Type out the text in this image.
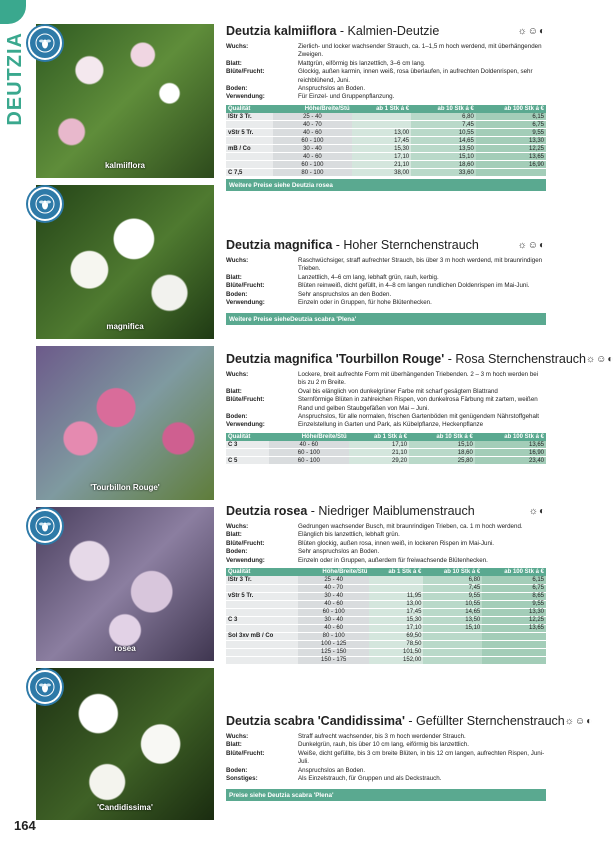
DEUTZIA
164
kalmiiflora
magnifica
'Tourbillon Rouge'
rosea
'Candidissima'
Deutzia kalmiiflora - Kalmien-Deutzie	☼☺◐
Wuchs:	Zierlich- und locker wachsender Strauch, ca. 1–1,5 m hoch werdend, mit überhängenden Zweigen.
Blatt:	Mattgrün, eiförmig bis lanzettlich, 3–6 cm lang.
Blüte/Frucht:	Glockig, außen karmin, innen weiß, rosa überlaufen, in aufrechten Doldenrispen, sehr reichblühend, Juni.
Boden:	Anspruchslos an Boden.
Verwendung:	Für Einzel- und Gruppenpflanzung.
Qualität	Höhe/Breite/Stü	ab 1 Stk á €	ab 10 Stk á €	ab 100 Stk á €
lStr 3 Tr.	25 - 40		6,80	6,15
	40 - 70		7,45	6,75
vStr 5 Tr.	40 - 60	13,00	10,55	9,55
	60 - 100	17,45	14,65	13,30
mB / Co	30 - 40	15,30	13,50	12,25
	40 - 60	17,10	15,10	13,65
	60 - 100	21,10	18,60	16,90
C 7,5	80 - 100	38,00	33,60	
Weitere Preise siehe Deutzia rosea
Deutzia magnifica - Hoher Sternchenstrauch	☼☺◐
Wuchs:	Raschwüchsiger, straff aufrechter Strauch, bis über 3 m hoch werdend, mit braunrindigen Trieben.
Blatt:	Lanzettlich, 4–6 cm lang, lebhaft grün, rauh, kerbig.
Blüte/Frucht:	Blüten reinweiß, dicht gefüllt, in 4–8 cm langen rundlichen Doldenrispen im Mai-Juni.
Boden:	Sehr anspruchslos an den Boden.
Verwendung:	Einzeln oder in Gruppen, für hohe Blütenhecken.
Weitere Preise sieheDeutzia scabra 'Plena'
Deutzia magnifica 'Tourbillon Rouge' - Rosa Sternchenstrauch ☼☺◐
Wuchs:	Lockere, breit aufrechte Form mit überhängenden Triebenden. 2 – 3 m hoch werden bei bis zu 2 m Breite.
Blatt:	Oval bis elänglich von dunkelgrüner Farbe mit scharf gesägtem Blattrand
Blüte/Frucht:	Sternförmige Blüten in zahlreichen Rispen, von dunkelrosa Färbung mit zartem, weißen Rand und gelben Staubgefäßen von Mai – Juni.
Boden:	Anspruchslos, für alle normalen, frischen Gartenböden mit genügendem Nährstoffgehalt
Verwendung:	Einzelstellung in Garten und Park, als Kübelpflanze, Heckenpflanze
Qualität	Höhe/Breite/Stü	ab 1 Stk á €	ab 10 Stk á €	ab 100 Stk á €
C 3	40 - 60	17,10	15,10	13,65
	60 - 100	21,10	18,60	16,90
C 5	60 - 100	29,20	25,80	23,40
Deutzia rosea - Niedriger Maiblumenstrauch	☼◐
Wuchs:	Gedrungen wachsender Busch, mit braunrindigen Trieben, ca. 1 m hoch werdend.
Blatt:	Elänglich bis lanzettlich, lebhaft grün.
Blüte/Frucht:	Blüten glockig, außen rosa, innen weiß, in lockeren Rispen im Mai-Juni.
Boden:	Sehr anspruchslos an Boden.
Verwendung:	Einzeln oder in Gruppen, außerdem für freiwachsende Blütenhecken.
Qualität	Höhe/Breite/Stü	ab 1 Stk á €	ab 10 Stk á €	ab 100 Stk á €
lStr 3 Tr.	25 - 40		6,80	6,15
	40 - 70		7,45	6,75
vStr 5 Tr.	30 - 40	11,95	9,55	8,65
	40 - 60	13,00	10,55	9,55
	60 - 100	17,45	14,65	13,30
C 3	30 - 40	15,30	13,50	12,25
	40 - 60	17,10	15,10	13,65
Sol 3xv mB / Co	80 - 100	69,50		
	100 - 125	78,50		
	125 - 150	101,50		
	150 - 175	152,00		
Deutzia scabra 'Candidissima' - Gefüllter Sternchenstrauch ☼☺◐
Wuchs:	Straff aufrecht wachsender, bis 3 m hoch werdender Strauch.
Blatt:	Dunkelgrün, rauh, bis über 10 cm lang, eiförmig bis lanzettlich.
Blüte/Frucht:	Weiße, dicht gefüllte, bis 3 cm breite Blüten, in bis 12 cm langen, aufrechten Rispen, Juni-Juli.
Boden:	Anspruchslos an Boden.
Sonstiges:	Als Einzelstrauch, für Gruppen und als Deckstrauch.
Preise siehe Deutzia scabra 'Plena'
